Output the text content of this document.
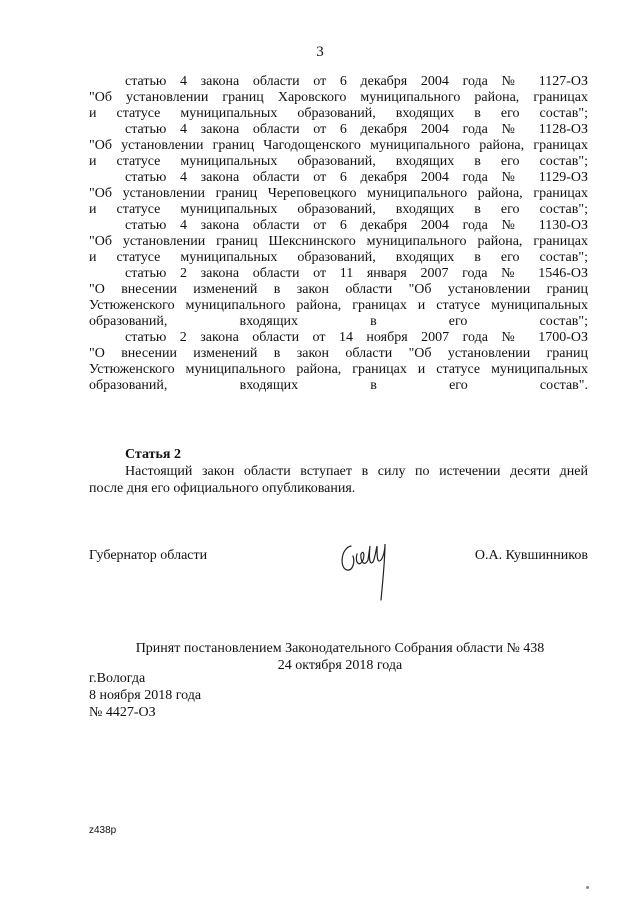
3

статью 4 закона области от 6 декабря 2004 года № 1127-ОЗ

"Об установлении границ Харовского муниципального района, границах

и статусе муниципальных образований, входящих в его состав";

статью 4 закона области от 6 декабря 2004 года № 1128-ОЗ

"Об установлении границ Чагодощенского муниципального района, границах

и статусе муниципальных образований, входящих в его состав";

статью 4 закона области от 6 декабря 2004 года № 1129-ОЗ

"Об установлении границ Череповецкого муниципального района, границах

и статусе муниципальных образований, входящих в его состав";

статью 4 закона области от 6 декабря 2004 года № 1130-ОЗ

"Об установлении границ Шекснинского муниципального района, границах

и статусе муниципальных образований, входящих в его состав";

статью 2 закона области от 11 января 2007 года № 1546-ОЗ

"О внесении изменений в закон области "Об установлении границ

Устюженского муниципального района, границах и статусе муниципальных

образований, входящих в его состав";

статью 2 закона области от 14 ноября 2007 года № 1700-ОЗ

"О внесении изменений в закон области "Об установлении границ

Устюженского муниципального района, границах и статусе муниципальных

образований, входящих в его состав".

Статья 2

Настоящий закон области вступает в силу по истечении десяти дней
после дня его официального опубликования.

Губернатор области	О.А. Кувшинников
Принят постановлением Законодательного Собрания области № 438
24 октября 2018 года
г.Вологда
8 ноября 2018 года
№ 4427-ОЗ
z438p
